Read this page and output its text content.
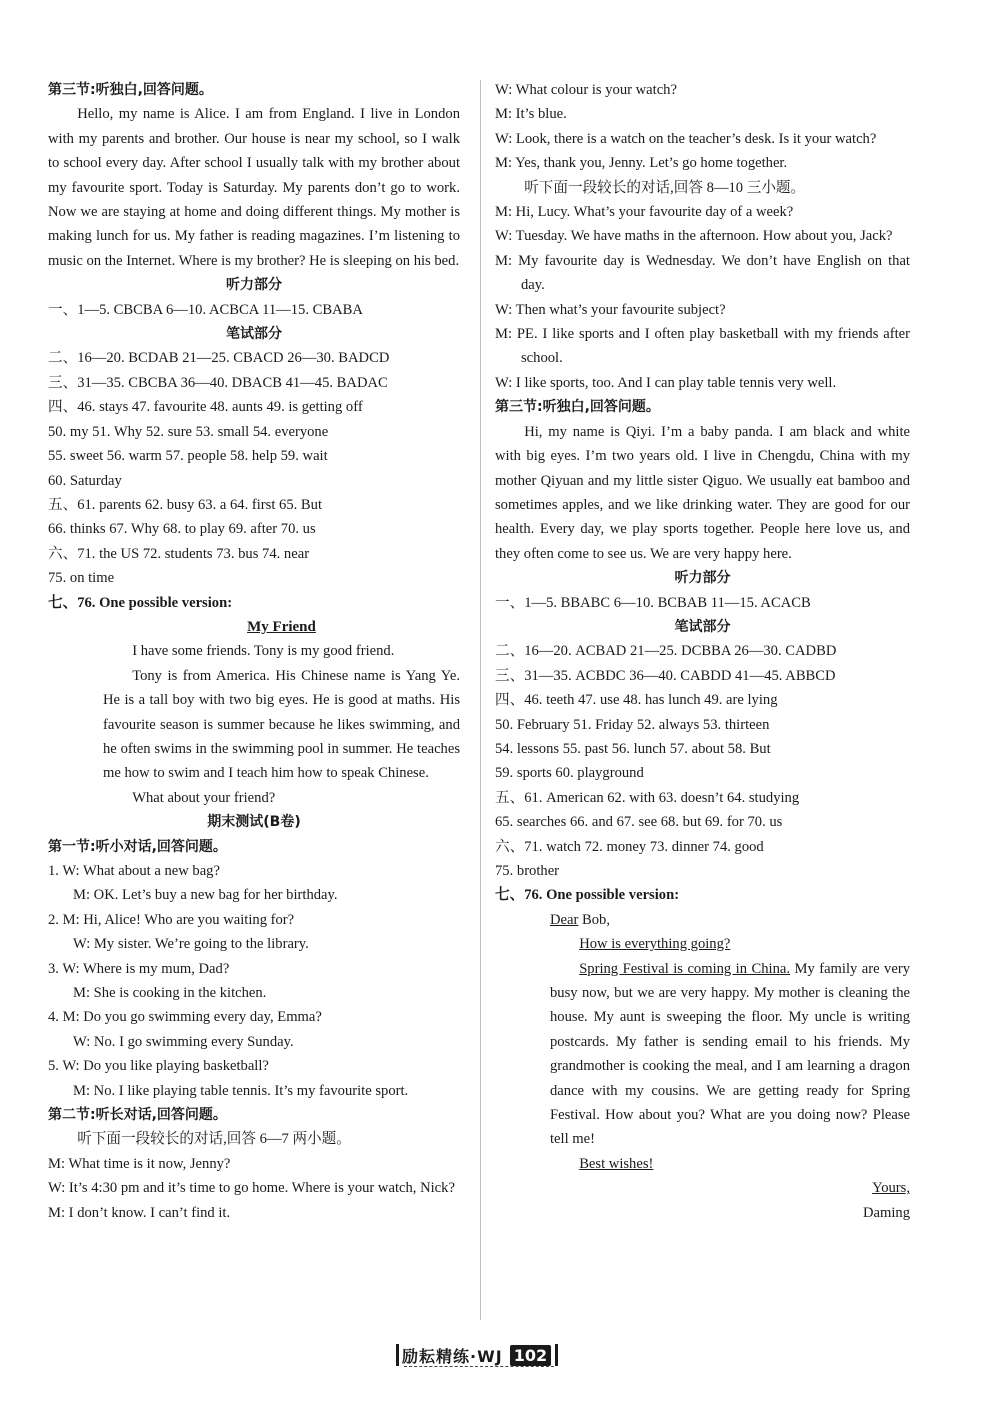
第三节:听独白,回答问题。

Hello, my name is Alice. I am from England. I live in London with my parents and brother. Our house is near my school, so I walk to school every day. After school I usually talk with my brother about my favourite sport. Today is Saturday. My parents don’t go to work. Now we are staying at home and doing different things. My mother is making lunch for us. My father is reading magazines. I’m listening to music on the Internet. Where is my brother? He is sleeping on his bed.

听力部分

一、1—5. CBCBA 6—10. ACBCA 11—15. CBABA

笔试部分

二、16—20. BCDAB 21—25. CBACD 26—30. BADCD

三、31—35. CBCBA 36—40. DBACB 41—45. BADAC

四、46. stays 47. favourite 48. aunts 49. is getting off

50. my 51. Why 52. sure 53. small 54. everyone

55. sweet 56. warm 57. people 58. help 59. wait

60. Saturday

五、61. parents 62. busy 63. a 64. first 65. But

66. thinks 67. Why 68. to play 69. after 70. us

六、71. the US 72. students 73. bus 74. near

75. on time

七、76. One possible version:

My Friend

I have some friends. Tony is my good friend.

Tony is from America. His Chinese name is Yang Ye. He is a tall boy with two big eyes. He is good at maths. His favourite season is summer because he likes swimming, and he often swims in the swimming pool in summer. He teaches me how to swim and I teach him how to speak Chinese.

What about your friend?

期末测试(B卷)

第一节:听小对话,回答问题。

1. W: What about a new bag?

M: OK. Let’s buy a new bag for her birthday.

2. M: Hi, Alice! Who are you waiting for?

W: My sister. We’re going to the library.

3. W: Where is my mum, Dad?

M: She is cooking in the kitchen.

4. M: Do you go swimming every day, Emma?

W: No. I go swimming every Sunday.

5. W: Do you like playing basketball?

M: No. I like playing table tennis. It’s my favourite sport.

第二节:听长对话,回答问题。

听下面一段较长的对话,回答 6—7 两小题。

M: What time is it now, Jenny?

W: It’s 4:30 pm and it’s time to go home. Where is your watch, Nick?

M: I don’t know. I can’t find it.

W: What colour is your watch?

M: It’s blue.

W: Look, there is a watch on the teacher’s desk. Is it your watch?

M: Yes, thank you, Jenny. Let’s go home together.

听下面一段较长的对话,回答 8—10 三小题。

M: Hi, Lucy. What’s your favourite day of a week?

W: Tuesday. We have maths in the afternoon. How about you, Jack?

M: My favourite day is Wednesday. We don’t have English on that day.

W: Then what’s your favourite subject?

M: PE. I like sports and I often play basketball with my friends after school.

W: I like sports, too. And I can play table tennis very well.

第三节:听独白,回答问题。

Hi, my name is Qiyi. I’m a baby panda. I am black and white with big eyes. I’m two years old. I live in Chengdu, China with my mother Qiyuan and my little sister Qiguo. We usually eat bamboo and sometimes apples, and we like drinking water. They are good for our health. Every day, we play sports together. People here love us, and they often come to see us. We are very happy here.

听力部分

一、1—5. BBABC 6—10. BCBAB 11—15. ACACB

笔试部分

二、16—20. ACBAD 21—25. DCBBA 26—30. CADBD

三、31—35. ACBDC 36—40. CABDD 41—45. ABBCD

四、46. teeth 47. use 48. has lunch 49. are lying

50. February 51. Friday 52. always 53. thirteen

54. lessons 55. past 56. lunch 57. about 58. But

59. sports 60. playground

五、61. American 62. with 63. doesn’t 64. studying

65. searches 66. and 67. see 68. but 69. for 70. us

六、71. watch 72. money 73. dinner 74. good

75. brother

七、76. One possible version:

Dear Bob,

How is everything going?

Spring Festival is coming in China. My family are very busy now, but we are very happy. My mother is cleaning the house. My aunt is sweeping the floor. My uncle is writing postcards. My father is sending email to his friends. My grandmother is cooking the meal, and I am learning a dragon dance with my cousins. We are getting ready for Spring Festival. How about you? What are you doing now? Please tell me!

Best wishes!

Yours,

Daming

励耘精练·WJ 102
